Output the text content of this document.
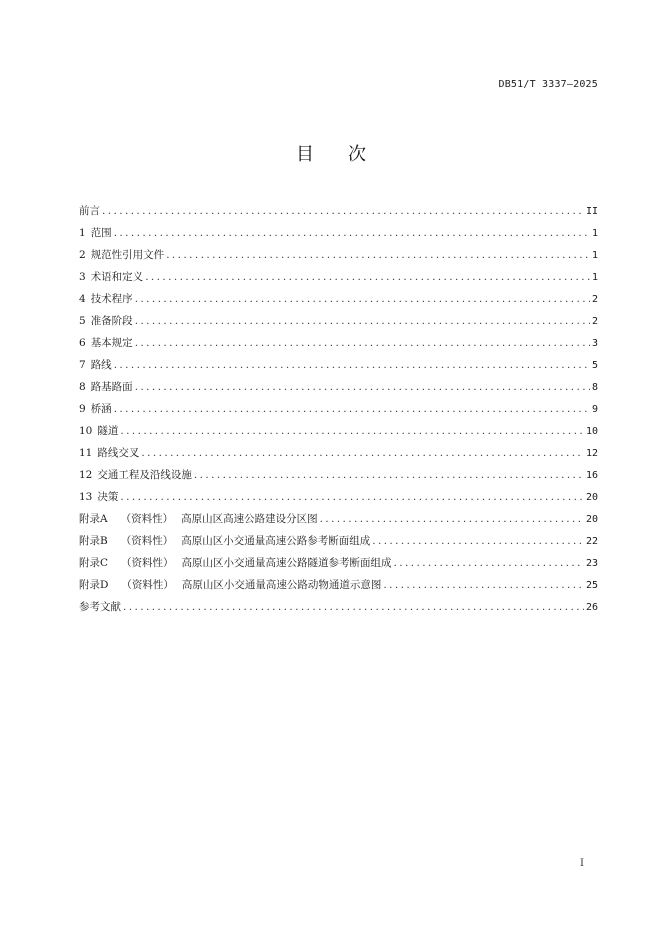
DB51/T 3337—2025
目次
前言 .....	II
1 范围 .....	1
2 规范性引用文件 .....	1
3 术语和定义 .....	1
4 技术程序 .....	2
5 准备阶段 .....	2
6 基本规定 .....	3
7 路线 .....	5
8 路基路面 .....	8
9 桥涵 .....	9
10 隧道 .....	10
11 路线交叉 .....	12
12 交通工程及沿线设施 .....	16
13 决策 .....	20
附录A （资料性） 高原山区高速公路建设分区图 .....	20
附录B （资料性） 高原山区小交通量高速公路参考断面组成 .....	22
附录C （资料性） 高原山区小交通量高速公路隧道参考断面组成 .....	23
附录D （资料性） 高原山区小交通量高速公路动物通道示意图 .....	25
参考文献 .....	26
I
